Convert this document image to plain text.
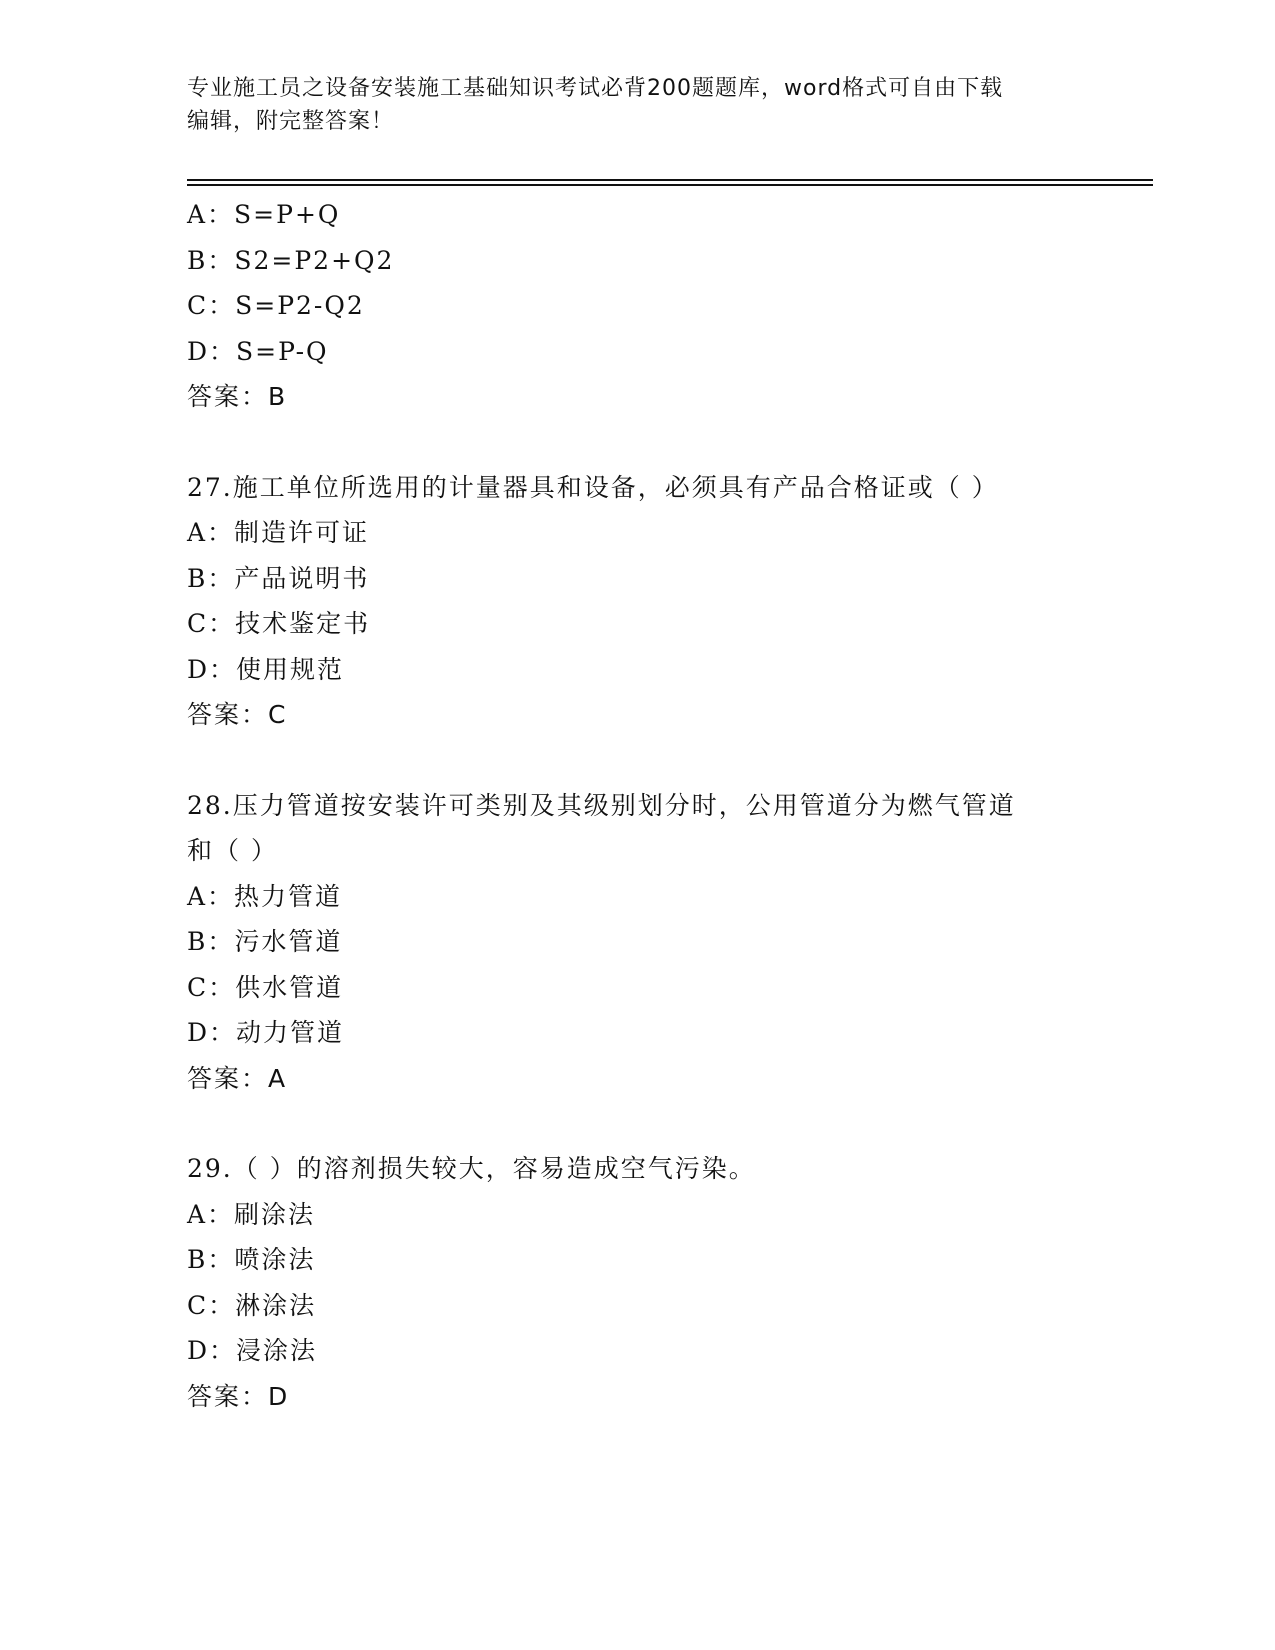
专业施工员之设备安装施工基础知识考试必背200题题库，word格式可自由下载
编辑，附完整答案！
A：S=P+Q
B：S2=P2+Q2
C：S=P2-Q2
D：S=P-Q
答案：B
27.施工单位所选用的计量器具和设备，必须具有产品合格证或（ ）
A：制造许可证
B：产品说明书
C：技术鉴定书
D：使用规范
答案：C
28.压力管道按安装许可类别及其级别划分时，公用管道分为燃气管道
和（ ）
A：热力管道
B：污水管道
C：供水管道
D：动力管道
答案：A
29.（ ）的溶剂损失较大，容易造成空气污染。
A：刷涂法
B：喷涂法
C：淋涂法
D：浸涂法
答案：D
